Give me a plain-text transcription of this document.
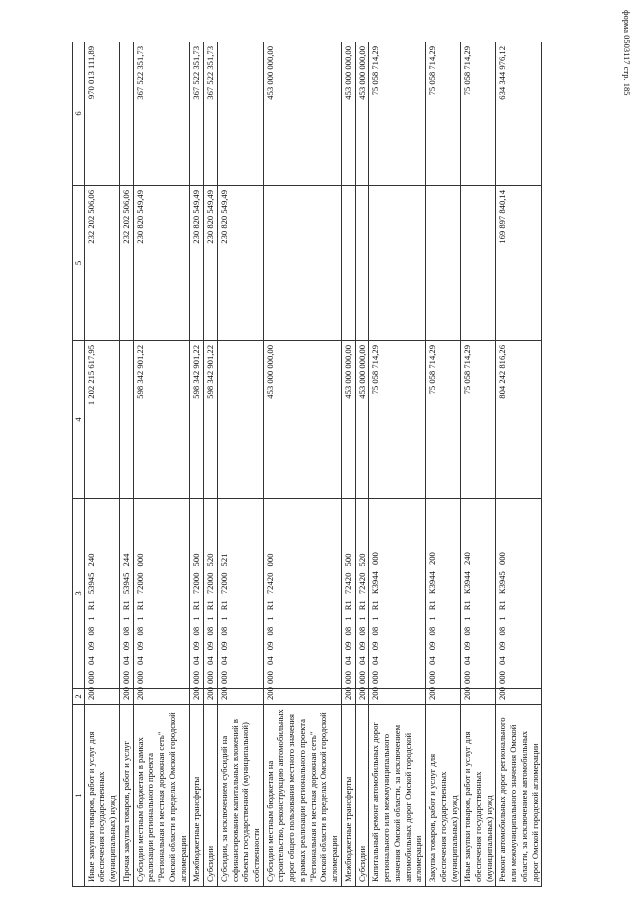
форма 0503117 стр. 185
1	2	3	4	5	6
Иные закупки товаров, работ и услуг для обеспечения государственных (муниципальных) нужд	200	000 04 09 08 1 R1 53945 240	1 202 215 617,95	232 202 506,06	970 013 111,89
Прочая закупка товаров, работ и услуг	200	000 04 09 08 1 R1 53945 244		232 202 506,06	
Субсидии местным бюджетам в рамках реализации регионального проекта "Региональная и местная дорожная сеть" Омской области в пределах Омской городской агломерации	200	000 04 09 08 1 R1 72000 000	598 342 901,22	230 820 549,49	367 522 351,73
Межбюджетные трансферты	200	000 04 09 08 1 R1 72000 500	598 342 901,22	230 820 549,49	367 522 351,73
Субсидии	200	000 04 09 08 1 R1 72000 520	598 342 901,22	230 820 549,49	367 522 351,73
Субсидии, за исключением субсидий на софинансирование капитальных вложений в объекты государственной (муниципальной) собственности	200	000 04 09 08 1 R1 72000 521		230 820 549,49	
Субсидии местным бюджетам на строительство, реконструкцию автомобильных дорог общего пользования местного значения в рамках реализации регионального проекта "Региональная и местная дорожная сеть" Омской области в пределах Омской городской агломерации	200	000 04 09 08 1 R1 72420 000	453 000 000,00		453 000 000,00
Межбюджетные трансферты	200	000 04 09 08 1 R1 72420 500	453 000 000,00		453 000 000,00
Субсидии	200	000 04 09 08 1 R1 72420 520	453 000 000,00		453 000 000,00
Капитальный ремонт автомобильных дорог регионального или межмуниципального значения Омской области, за исключением автомобильных дорог Омской городской агломерации	200	000 04 09 08 1 R1 К3944 000	75 058 714,29		75 058 714,29
Закупка товаров, работ и услуг для обеспечения государственных (муниципальных) нужд	200	000 04 09 08 1 R1 К3944 200	75 058 714,29		75 058 714,29
Иные закупки товаров, работ и услуг для обеспечения государственных (муниципальных) нужд	200	000 04 09 08 1 R1 К3944 240	75 058 714,29		75 058 714,29
Ремонт автомобильных дорог регионального или межмуниципального значения Омской области, за исключением автомобильных дорог Омской городской агломерации	200	000 04 09 08 1 R1 К3945 000	804 242 816,26	169 897 840,14	634 344 976,12
